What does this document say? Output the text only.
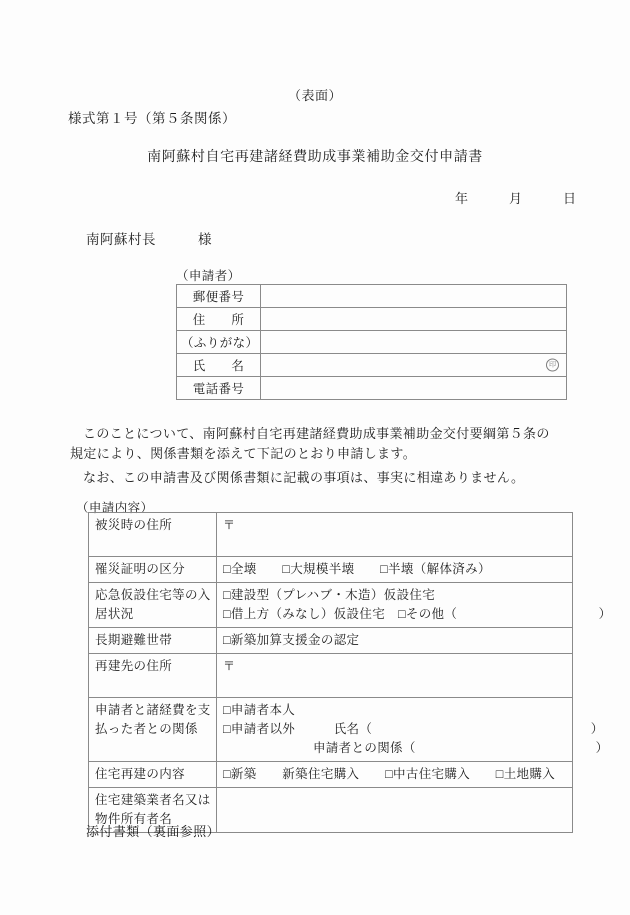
（表面）
様式第１号（第５条関係）
南阿蘇村自宅再建諸経費助成事業補助金交付申請書
年　　　月　　　日
南阿蘇村長　　　様
（申請者）
郵便番号	
住　　所	
（ふりがな）	
氏　　名	印

電話番号	
このことについて、南阿蘇村自宅再建諸経費助成事業補助金交付要綱第５条の規定により、関係書類を添えて下記のとおり申請します。
なお、この申請書及び関係書類に記載の事項は、事実に相違ありません。
（申請内容）
被災時の住所	〒

罹災証明の区分	□全壊　　□大規模半壊　　□半壊（解体済み）

応急仮設住宅等の入居状況	□建設型（プレハブ・木造）仮設住宅
□借上方（みなし）仮設住宅　□その他（　　　　　　　　　　　）

長期避難世帯	□新築加算支援金の認定

再建先の住所	〒

申請者と諸経費を支払った者との関係	□申請者本人
□申請者以外　　　氏名（　　　　　　　　　　　　　　　　　）
　　　　　　　申請者との関係（　　　　　　　　　　　　　　）

住宅再建の内容	□新築　　新築住宅購入　　□中古住宅購入　　□土地購入

住宅建築業者名又は物件所有者名	
添付書類（裏面参照）
